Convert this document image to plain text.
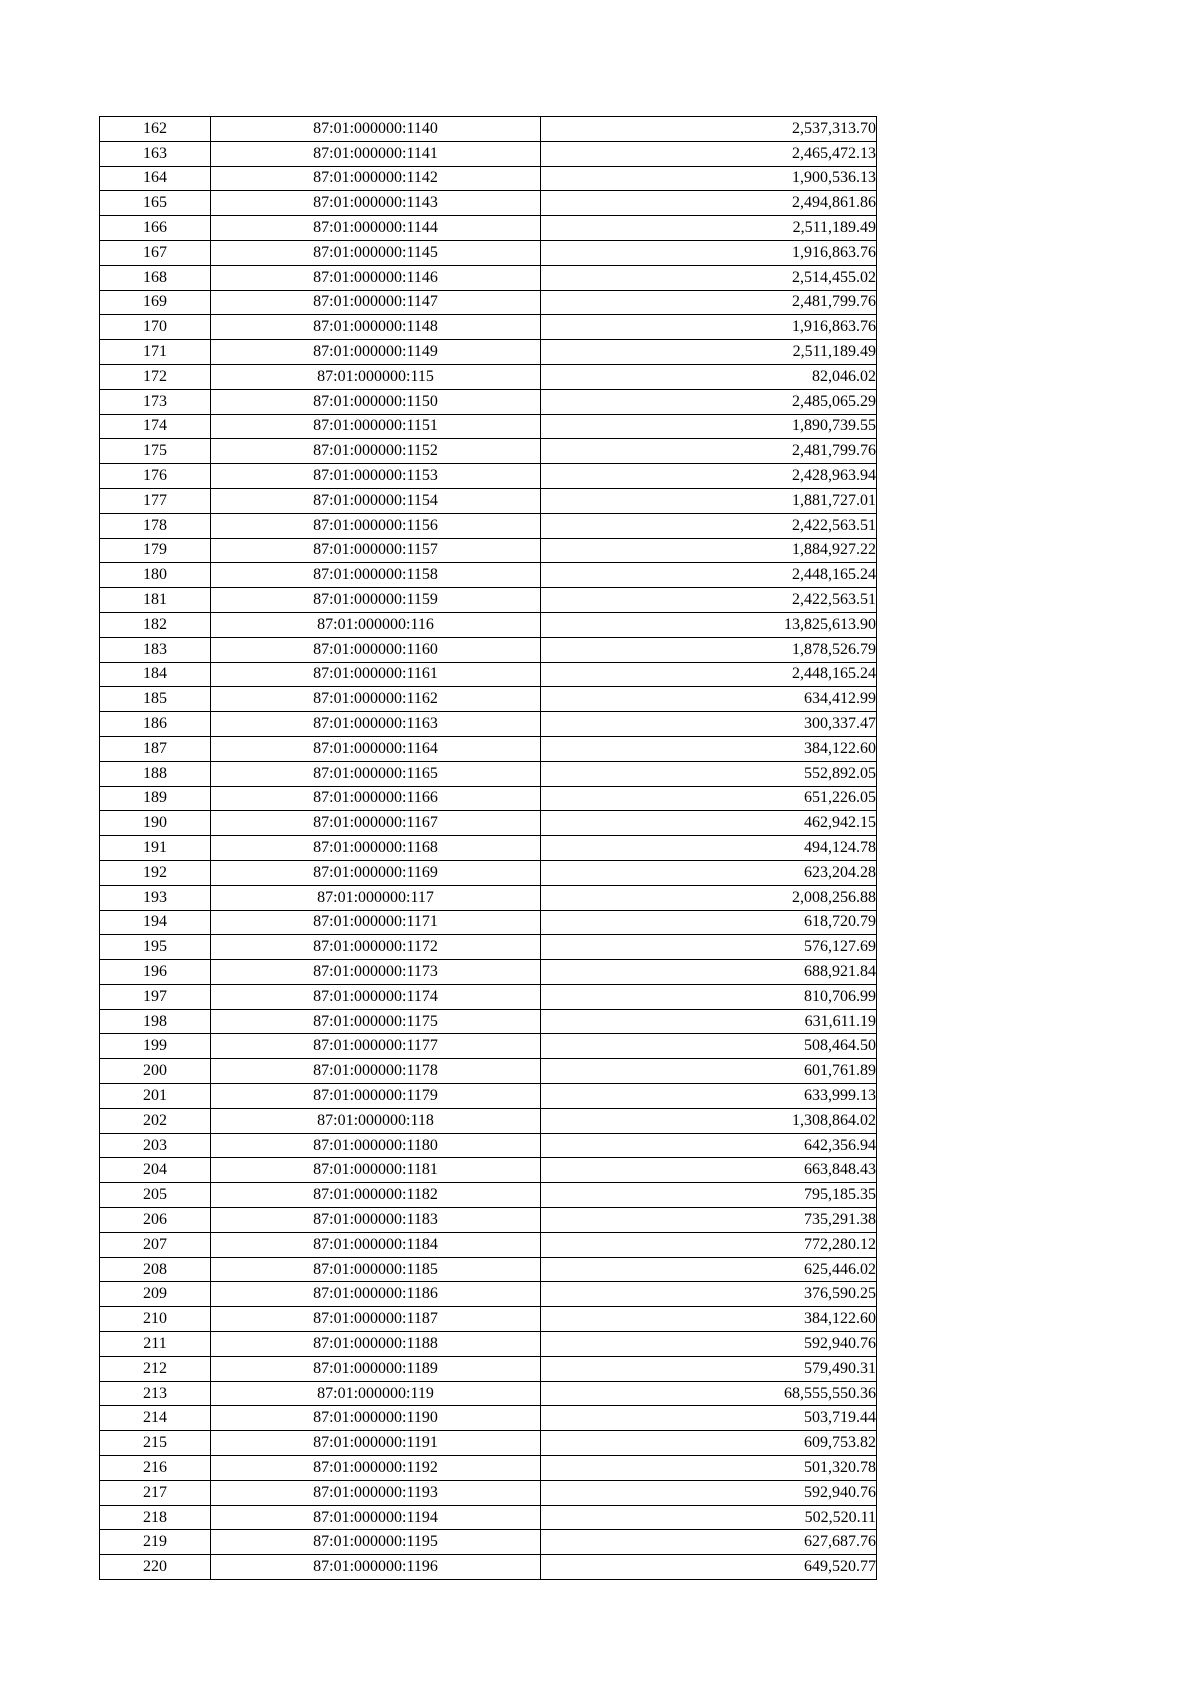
162	87:01:000000:1140	2,537,313.70
163	87:01:000000:1141	2,465,472.13
164	87:01:000000:1142	1,900,536.13
165	87:01:000000:1143	2,494,861.86
166	87:01:000000:1144	2,511,189.49
167	87:01:000000:1145	1,916,863.76
168	87:01:000000:1146	2,514,455.02
169	87:01:000000:1147	2,481,799.76
170	87:01:000000:1148	1,916,863.76
171	87:01:000000:1149	2,511,189.49
172	87:01:000000:115	82,046.02
173	87:01:000000:1150	2,485,065.29
174	87:01:000000:1151	1,890,739.55
175	87:01:000000:1152	2,481,799.76
176	87:01:000000:1153	2,428,963.94
177	87:01:000000:1154	1,881,727.01
178	87:01:000000:1156	2,422,563.51
179	87:01:000000:1157	1,884,927.22
180	87:01:000000:1158	2,448,165.24
181	87:01:000000:1159	2,422,563.51
182	87:01:000000:116	13,825,613.90
183	87:01:000000:1160	1,878,526.79
184	87:01:000000:1161	2,448,165.24
185	87:01:000000:1162	634,412.99
186	87:01:000000:1163	300,337.47
187	87:01:000000:1164	384,122.60
188	87:01:000000:1165	552,892.05
189	87:01:000000:1166	651,226.05
190	87:01:000000:1167	462,942.15
191	87:01:000000:1168	494,124.78
192	87:01:000000:1169	623,204.28
193	87:01:000000:117	2,008,256.88
194	87:01:000000:1171	618,720.79
195	87:01:000000:1172	576,127.69
196	87:01:000000:1173	688,921.84
197	87:01:000000:1174	810,706.99
198	87:01:000000:1175	631,611.19
199	87:01:000000:1177	508,464.50
200	87:01:000000:1178	601,761.89
201	87:01:000000:1179	633,999.13
202	87:01:000000:118	1,308,864.02
203	87:01:000000:1180	642,356.94
204	87:01:000000:1181	663,848.43
205	87:01:000000:1182	795,185.35
206	87:01:000000:1183	735,291.38
207	87:01:000000:1184	772,280.12
208	87:01:000000:1185	625,446.02
209	87:01:000000:1186	376,590.25
210	87:01:000000:1187	384,122.60
211	87:01:000000:1188	592,940.76
212	87:01:000000:1189	579,490.31
213	87:01:000000:119	68,555,550.36
214	87:01:000000:1190	503,719.44
215	87:01:000000:1191	609,753.82
216	87:01:000000:1192	501,320.78
217	87:01:000000:1193	592,940.76
218	87:01:000000:1194	502,520.11
219	87:01:000000:1195	627,687.76
220	87:01:000000:1196	649,520.77
